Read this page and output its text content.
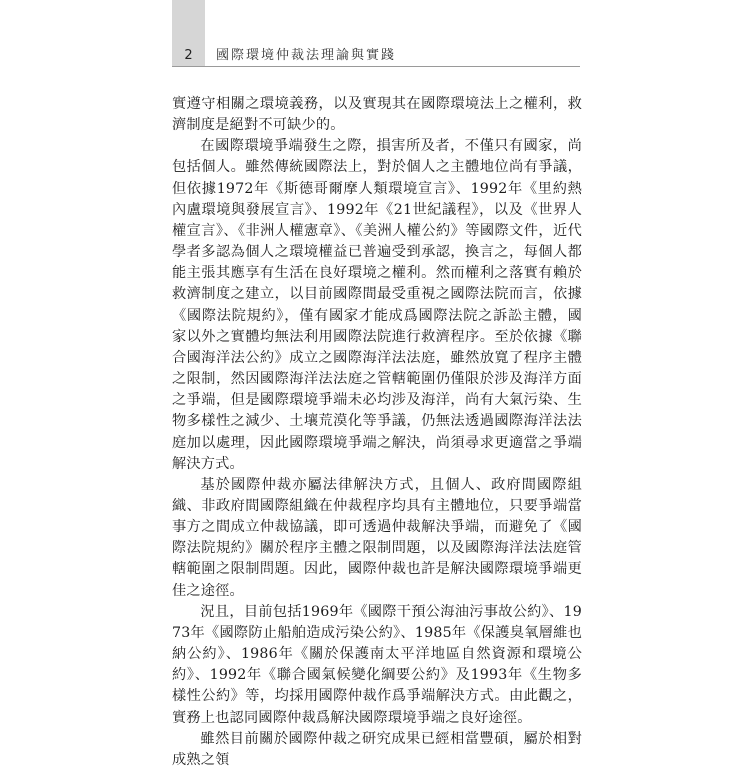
2	國際環境仲裁法理論與實踐

實遵守相關之環境義務，以及實現其在國際環境法上之權利，救濟制度是絕對不可缺少的。

在國際環境爭端發生之際，損害所及者，不僅只有國家，尚包括個人。雖然傳統國際法上，對於個人之主體地位尚有爭議，但依據1972年《斯德哥爾摩人類環境宣言》、1992年《里約熱內盧環境與發展宣言》、1992年《21世紀議程》，以及《世界人權宣言》、《非洲人權憲章》、《美洲人權公約》等國際文件，近代學者多認為個人之環境權益已普遍受到承認，換言之，每個人都能主張其應享有生活在良好環境之權利。然而權利之落實有賴於救濟制度之建立，以目前國際間最受重視之國際法院而言，依據《國際法院規約》，僅有國家才能成爲國際法院之訴訟主體，國家以外之實體均無法利用國際法院進行救濟程序。至於依據《聯合國海洋法公約》成立之國際海洋法法庭，雖然放寬了程序主體之限制，然因國際海洋法法庭之管轄範圍仍僅限於涉及海洋方面之爭端，但是國際環境爭端未必均涉及海洋，尚有大氣污染、生物多樣性之減少、土壤荒漠化等爭議，仍無法透過國際海洋法法庭加以處理，因此國際環境爭端之解決，尚須尋求更適當之爭端解決方式。

基於國際仲裁亦屬法律解決方式，且個人、政府間國際組織、非政府間國際組織在仲裁程序均具有主體地位，只要爭端當事方之間成立仲裁協議，即可透過仲裁解決爭端，而避免了《國際法院規約》關於程序主體之限制問題，以及國際海洋法法庭管轄範圍之限制問題。因此，國際仲裁也許是解決國際環境爭端更佳之途徑。

況且，目前包括1969年《國際干預公海油污事故公約》、1973年《國際防止船舶造成污染公約》、1985年《保護臭氧層維也納公約》、1986年《關於保護南太平洋地區自然資源和環境公約》、1992年《聯合國氣候變化綱要公約》及1993年《生物多樣性公約》等，均採用國際仲裁作爲爭端解決方式。由此觀之，實務上也認同國際仲裁爲解決國際環境爭端之良好途徑。

雖然目前關於國際仲裁之研究成果已經相當豐碩，屬於相對成熟之領
